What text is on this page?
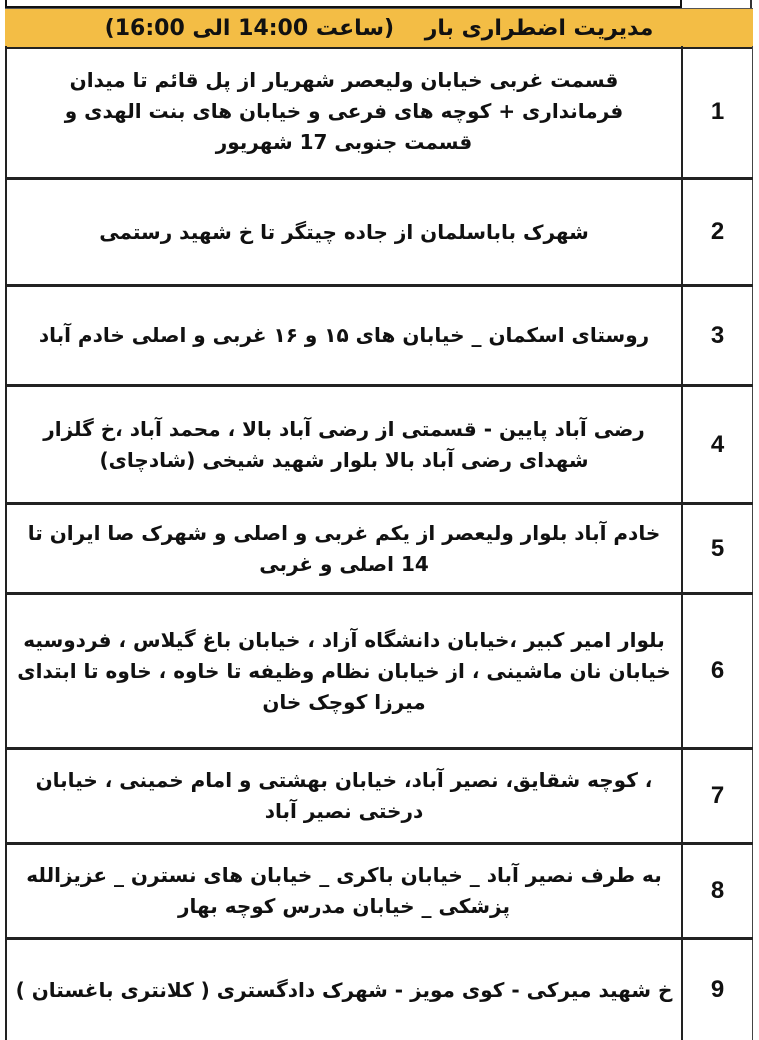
مدیریت اضطراری بار    (ساعت 14:00 الی 16:00)
1
قسمت غربی خیابان ولیعصر شهریار از پل قائم تا میدان فرمانداری + کوچه های فرعی و خیابان های بنت الهدی و قسمت جنوبی 17 شهریور
2
شهرک باباسلمان از جاده چیتگر تا خ شهید رستمی
3
روستای اسکمان _ خیابان های ۱۵ و ۱۶ غربی و اصلی خادم آباد
4
رضی آباد پایین - قسمتی از رضی آباد بالا ، محمد آباد ،خ گلزار شهدای رضی آباد بالا بلوار شهید شیخی (شادچای)
5
خادم آباد بلوار ولیعصر از یکم غربی و اصلی و شهرک صا ایران تا 14 اصلی و غربی
6
بلوار امیر کبیر ،خیابان دانشگاه آزاد ، خیابان باغ گیلاس ، فردوسیه خیابان نان ماشینی ، از خیابان نظام وظیفه تا خاوه ، خاوه تا ابتدای میرزا کوچک خان
7
، کوچه شقایق، نصیر آباد، خیابان بهشتی و امام خمینی ، خیابان درختی نصیر آباد
8
به طرف نصیر آباد _ خیابان باکری _ خیابان های نسترن _ عزیزالله پزشکی _ خیابان مدرس کوچه بهار
9
خ شهید میرکی - کوی مویز - شهرک دادگستری ( کلانتری باغستان )
